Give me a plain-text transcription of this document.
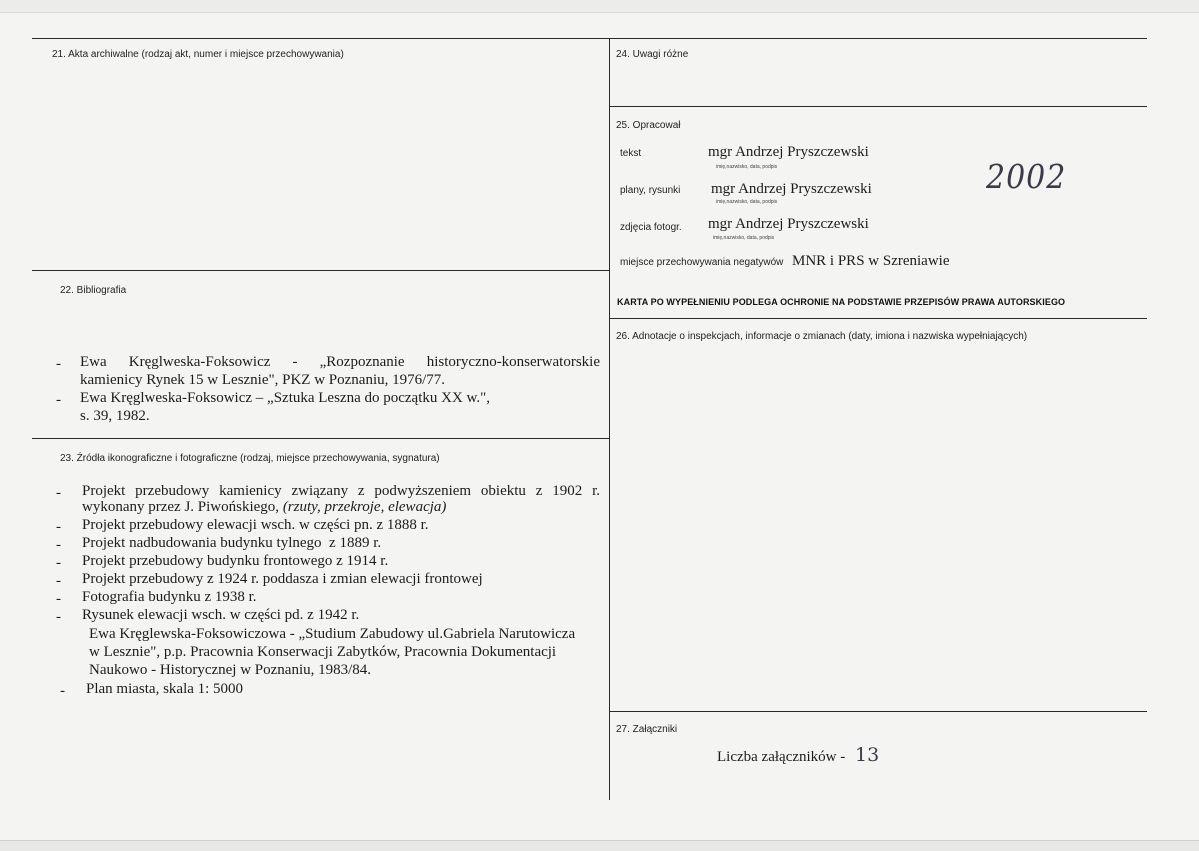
21. Akta archiwalne (rodzaj akt, numer i miejsce przechowywania)
22. Bibliografia
- Ewa  Kręglweska-Foksowicz  -  „Rozpoznanie  historyczno-konserwatorskie
kamienicy Rynek 15 w Lesznie", PKZ w Poznaniu, 1976/77.
- Ewa Kręglweska-Foksowicz – „Sztuka Leszna do początku XX w.",
s. 39, 1982.
23. Źródła ikonograficzne i fotograficzne (rodzaj, miejsce przechowywania, sygnatura)
- Projekt  przebudowy  kamienicy  związany  z  podwyższeniem  obiektu  z  1902  r.
wykonany przez J. Piwońskiego, (rzuty, przekroje, elewacja)
- Projekt przebudowy elewacji wsch. w części pn. z 1888 r.
- Projekt nadbudowania budynku tylnego  z 1889 r.
- Projekt przebudowy budynku frontowego z 1914 r.
- Projekt przebudowy z 1924 r. poddasza i zmian elewacji frontowej
- Fotografia budynku z 1938 r.
- Rysunek elewacji wsch. w części pd. z 1942 r.
Ewa Kręglewska-Foksowiczowa - „Studium Zabudowy ul.Gabriela Narutowicza
w Lesznie", p.p. Pracownia Konserwacji Zabytków, Pracownia Dokumentacji
Naukowo - Historycznej w Poznaniu, 1983/84.
- Plan miasta, skala 1: 5000
24. Uwagi różne
25. Opracował
tekst	mgr Andrzej Pryszczewski
imię,nazwisko, data, podpis
plany, rysunki mgr Andrzej Pryszczewski
imię,nazwisko, data, podpis
zdjęcia fotogr. mgr Andrzej Pryszczewski
imię,nazwisko, data, podpis
2002
miejsce przechowywania negatywów MNR i PRS w Szreniawie
KARTA PO WYPEŁNIENIU PODLEGA OCHRONIE NA PODSTAWIE PRZEPISÓW PRAWA AUTORSKIEGO
26. Adnotacje o inspekcjach, informacje o zmianach (daty, imiona i nazwiska wypełniających)
27. Załączniki
Liczba załączników - 13
